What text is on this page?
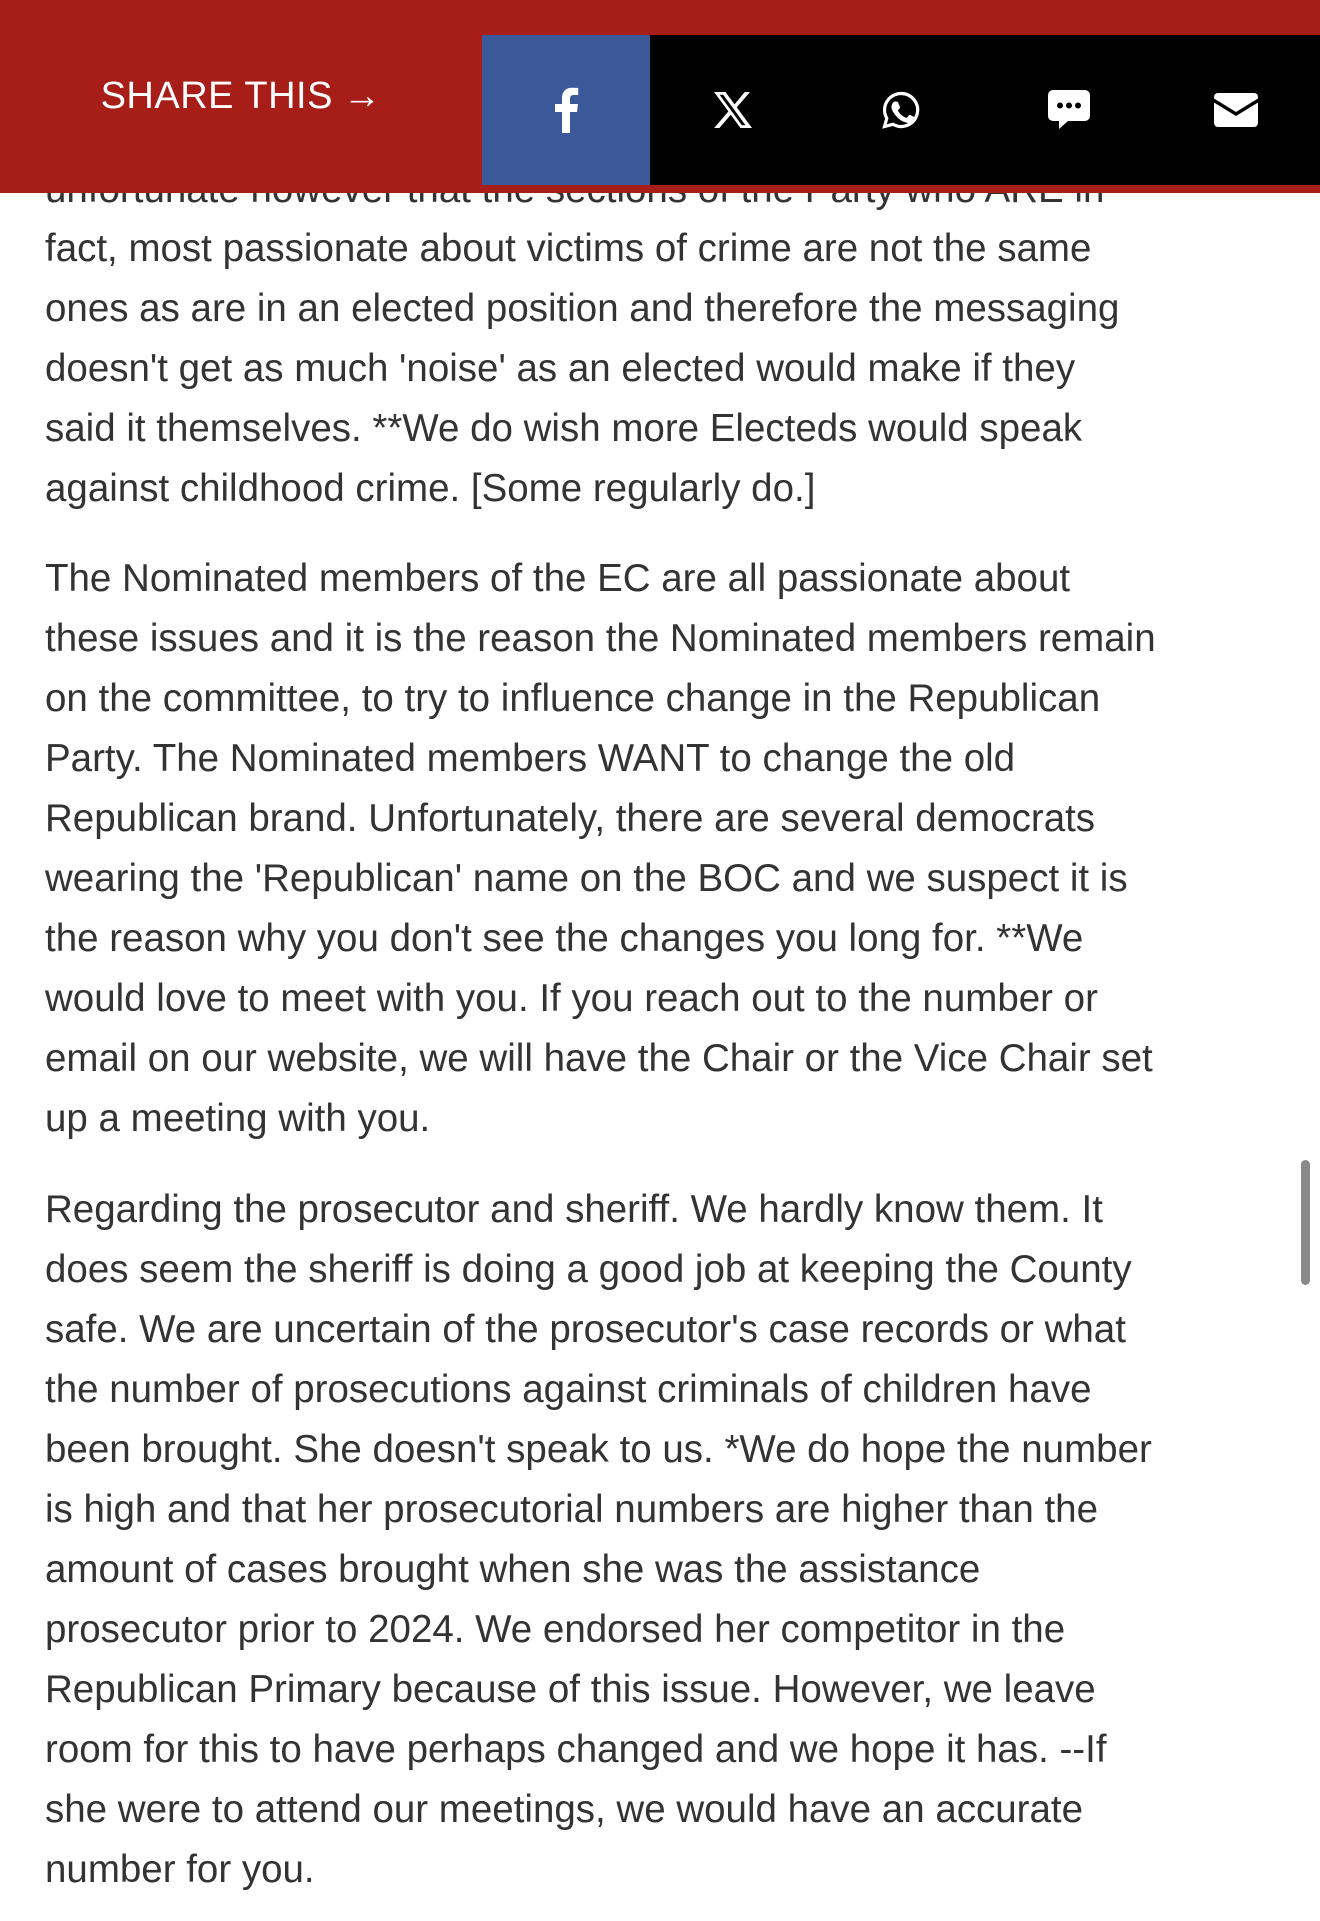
fact, most passionate about victims of crime are not the same
ones as are in an elected position and therefore the messaging
doesn't get as much 'noise' as an elected would make if they
said it themselves. **We do wish more Electeds would speak
against childhood crime. [Some regularly do.]

The Nominated members of the EC are all passionate about
these issues and it is the reason the Nominated members remain
on the committee, to try to influence change in the Republican
Party. The Nominated members WANT to change the old
Republican brand. Unfortunately, there are several democrats
wearing the 'Republican' name on the BOC and we suspect it is
the reason why you don't see the changes you long for. **We
would love to meet with you. If you reach out to the number or
email on our website, we will have the Chair or the Vice Chair set
up a meeting with you.

Regarding the prosecutor and sheriff. We hardly know them. It
does seem the sheriff is doing a good job at keeping the County
safe. We are uncertain of the prosecutor's case records or what
the number of prosecutions against criminals of children have
been brought. She doesn't speak to us. *We do hope the number
is high and that her prosecutorial numbers are higher than the
amount of cases brought when she was the assistance
prosecutor prior to 2024. We endorsed her competitor in the
Republican Primary because of this issue. However, we leave
room for this to have perhaps changed and we hope it has. --If
she were to attend our meetings, we would have an accurate
number for you.

SHARE THIS →
